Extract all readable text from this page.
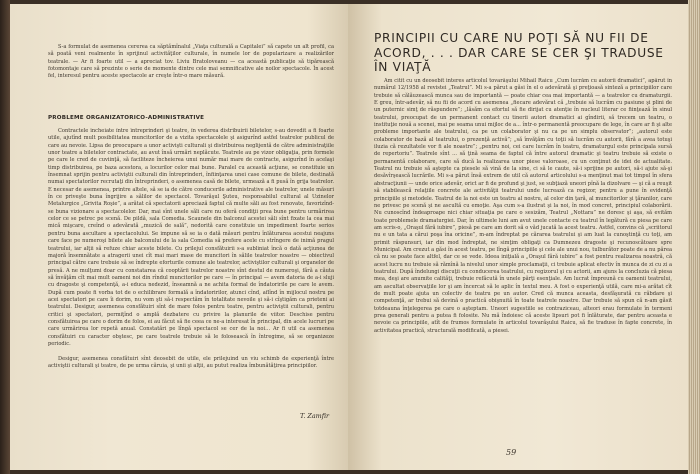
S-a formulat de asemenea cererea ca săptămînalul „Viaţa culturală a Capitalei” să capete un alt profil, ca să poată veni realmente în sprijinul activităţilor culturale, în numele lor de popularizare a realizărilor teatrale. — Ar fi foarte util — a apreciat tov. Liviu Bratoloveanu — ca aceastǎ publicaţie să tipărească fotomontaje care să prezinte o serie de momente dintre cele mai semnificative ale noilor spectacole. În acest fel, interesul pentru aceste spectacole ar creşte într-o mare măsură.

PROBLEME ORGANIZATORICO-ADMINISTRATIVE

Contractele încheiate între întreprinderi şi teatre, în vederea distribuirii biletelor, s-au dovedit a fi foarte utile, ajutînd mult posibilitatea muncitorilor de a vizita spectacolele şi asigurînd astfel teatrelor publicul de care au nevoie. Lipsa de preocupare a unor activişti culturali şi distribuirea neglijentă de către administraţiile unor teatre a biletelor contractate, au avut însă urmări neplăcute. Teatrele au pe vizor obligaţia, prin formele pe care le cred de cuviinţă, să faciliteze încheierea unui număr mai mare de contracte, asigurînd în acelaşi timp distribuirea, pe baza acestora, a locurilor celor mai bune. Paralel cu această acţiune, se constituie un însemnat sprijin pentru activiştii culturali din întreprinderi, înfiinţarea unei case comune de bilete, destinată numai spectatorilor recrutaţi din întreprinderi, o asemenea casă de bilete, urmează a fi pusă în grija teatrelor. E necesar de asemenea, printre altele, să se ia de către conducerile administrative ale teatrelor, unele măsuri în ce priveşte buna îngrijire a sălilor de spectacol. Tovarăşul Şuteu, responsabilul cultural al Uzinelor Metalurgice „Grivita Roşie”, a arătat că spectatorii apreciază faptul că multe săli au fost renovate, favorizînd-se buna vizionare a spectacolelor. Dar, mai sînt unele săli care nu oferă condiţii prea bune pentru urmărirea celor ce se petrec pe scenă. De pildă, sala Comedia. Scaunele din balconul acestei săli sînt fixate la cea mai mică mişcare, creînd o adevărată „muzică de sală”, nedorită care constituie un impediment foarte serios pentru buna ascultare a spectacolului. Se impune să se ia o dată măsuri pentru înlăturarea acestui neajuns care face pe numeroşi bilete ale balconului de la sala Comedia să prefere acele cu strîngere de inimă pragul teatrului, iar alţii să refuze chiar aceste bilete. Cu prilejul consfătuirii s-a subliniat încă o dată acţiunea de majoră însemnătate a atragerii unei cît mai mari mase de muncitori în sălile teatrelor noastre — obiectivul principal către care trebuie să se îndrepte eforturile comune ale teatrelor, activiştilor culturali şi organelor de presă. A ne mulţumi doar cu constatarea că cooptării teatrelor noastre sînt destul de numeroşi, fără a căuta să învăţăm cît mai mult oameni noi din rîndul muncitorilor pe care — în principal — avem datoria de a-i sluji cu dragoste şi competenţă, a-i educa nedezid, înseamnă a ne achita formal de îndatoririle pe care le avem. După cum poate fi vorba tot de o echilibrare formală a îndatoririlor, atunci cînd, aflînd în mijlocul nostru pe acei spectatori pe care îi dorim, nu vom şti să-i respectăm în totalitate nevoile şi să-i cîştigăm ca prieteni ai teatrului. Desigur, asemenea consfătuiri sînt de mare folos pentru teatre, pentru activiştii culturali, pentru critici şi spectatori, permiţînd o amplă dezbatere cu privire la planurile de viitor. Deschise pentru consfătuirea pe care o dorim de folos, ei au făcut să fie ceea ce ne-a interesat în principal, din acele lucruri pe care urmărirea lor repetă anual. Constatări pe lîngă spectacol se cer de la noi… Ar fi util ca asemenea consfătuiri cu caracter obştesc, pe care teatrele trebuie să le folosească în întregime, să se organizeze periodic.

Desigur, asemenea consfătuiri sînt deosebit de utile, ele prilejuind un viu schimb de experienţă între activiştii culturali şi teatre, de pe urma căruia, şi unii şi alţii, au putut realiza îmbunătăţirea principiilor.

T. Zamfir
PRINCIPII CU CARE NU POŢI SĂ NU FII DE ACORD, . . . DAR CARE SE CER ŞI TRADUSE ÎN VIAŢĂ

Am citit cu un deosebit interes articolul tovarăşului Mihail Raicu „Cum lucrăm cu autorii dramatici”, apărut în numărul 12/1958 al revistei „Teatrul”. Mi s-a părut a găsi în el o adevărată şi preţioasă sinteză a principiilor care trebuie să călăuzească munca sau de importantă — poate chiar cea mai importantă — a teatrelor cu dramaturgii. E greu, într-adevăr, să nu fii de acord cu asemenea „fiecare adevărat că „trebuie să lucrăm cu pasiune şi plini de un puternic simţ de răspundere”; „lăsăm ca efortul să fie dirijat cu atenţie în nucleul literar ce fiinţează în sinul teatrului, preocupat de un permanent contact cu tinerii autori dramatici ai gîndirii, să trecem un teatru, o instituţie nouă a scenei, mai pe seama unui mijloc de a... într-o permanentă preocupare de lege, în care ar fi şi alte probleme importante ale teatrului, ca pe un colaborator şi nu ca pe un simplu observator”; „autorul este colaborator de bază al teatrului, o prezenţă activă”; „să învăţăm cu toţii să lucrăm cu autorii, fără a avea totuşi iluzia că rezultatele vor fi ale noastre”; „pentru noi, cei care lucrăm în teatru, dramaturgul este principala sursă de repertoriu”. Teatrele sînt ... să ţină seama de faptul că între autorul dramatic şi teatru trebuie să existe o permanentă colaborare, care să ducă la realizarea unor piese valoroase, cu un conţinut de idei de actualitate. Teatrul nu trebuie să aştepte ca piesele să vină de la sine, ci să le caute, să-i sprijine pe autori, să-i ajute să-şi desăvîrşească lucrările. Mi s-a părut însă extrem de util că autorul articolului s-a menţinut mai tot timpul în sfera abstracţiunii — unde orice adevăr, orict ar fi de profund şi just, se subţiază uneori pînă la dizolvare — şi că a reuşit să stabilească relaţiile concrete ale activităţii teatrului unde lucrează ca regizor, pentru a pune în evidenţă principiile şi metodele. Teatrul de la noi este un teatru al nostru, al celor din ţară, al muncitorilor şi ţăranilor, care ne privesc pe scenă şi ne ascultă cu emoţie. Aşa cum s-a ilustrat şi la noi, în mod concret, principiul colaborării. Nu cunoscînd îndeaproape nici chiar situaţia pe care o sesizăm, Teatrul „Nottara” ne doresc şi aşa, să evităm toate problemele dramaturgiei. Dar, în ultimele luni am avut unele contacte cu teatrul în legătură cu piesa pe care am scris-o, „Oraşul fără iubire”, piesă pe care am dorit să o văd jucată la acest teatru. Astfel, convins că „scriitorul nu e un tata a cărui poşa îna oricine”, m-am îndreptat pe cărarea teatrului şi am luat la cunoştinţă cu toţi, am primit răspunsuri, iar din mod îndreptat, ne simţim obligaţi ca Dumnezeu dragoste şi recunoscătoare spre Municipal. Am crezut a găsi în acest teatru, pe lîngă principiile şi cele ale unui nou, tulburător poate de a nu părea că nu se poate face altfel, dar ce se vede. Ideea iniţială a „Oraşul fără iubire” a fost pentru realizarea noastră, că acest lucru nu trebuie să rămînă la nivelul unor simple proclamaţii, ci trebuie aplicat efectiv în munca de zi cu zi a teatrului. După îndelungi discuţii cu conducerea teatrului, cu regizorul şi cu actorii, am ajuns la concluzia că piesa mea, deşi are anumite calităţi, trebuie refăcută în unele părţi esenţiale. Am lucrat împreună cu oamenii teatrului, am ascultat observaţiile lor şi am încercat să le aplic în textul meu. A fost o experienţă utilă, care mi-a arătat cît de mult poate ajuta un colectiv de teatru pe un autor. Cred că munca aceasta, desfăşurată cu răbdare şi competenţă, ar trebui să devină o practică obişnuită în toate teatrele noastre. Dar trebuie să spun că n-am găsit totdeauna înţelegerea pe care o aşteptam. Uneori sugestiile se contraziceau, alteori erau formulate în termeni prea generali pentru a putea fi folosite. Nu mă îndoiesc că aceste lipsuri pot fi înlăturate, dar pentru aceasta e nevoie ca principiile, atît de frumos formulate în articolul tovarăşului Raicu, să fie traduse în fapte concrete, în activitatea practică, structurală modificată, a piesei.

59
